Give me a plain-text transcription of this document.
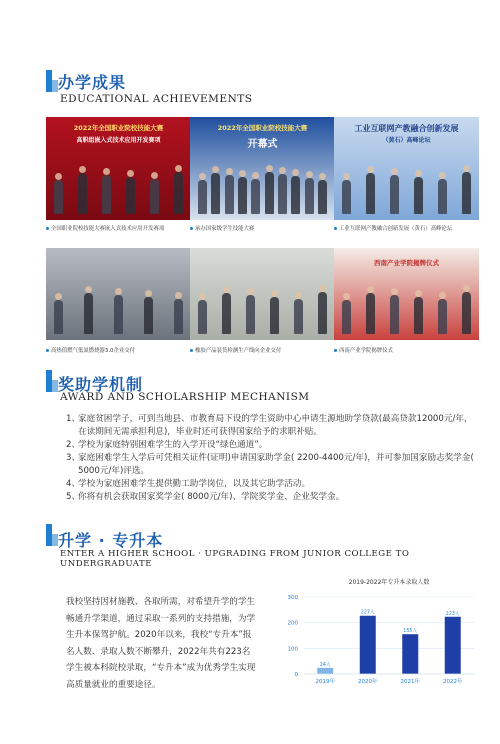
办学成果
EDUCATIONAL ACHIEVEMENTS
2022年全国职业院校技能大赛
高职组嵌入式技术应用开发赛项
全国职业院校技能大赛嵌入式技术应用开发赛项
2022年全国职业院校技能大赛
开幕式
承办国家级学生技能大赛
工业互联网产教融合创新发展
（黄石）高峰论坛
工业互联网产教融合创新发展（黄石）高峰论坛
高热值燃气低氮燃烧器3.0企业交付	橡胶产品装货检测生产线向企业交付
西南产业学院揭牌仪式
西南产业学院揭牌仪式
奖助学机制
AWARD AND SCHOLARSHIP MECHANISM
1、
家庭贫困学子，可到当地县、市教育局下设的学生资助中心申请生源地助学贷款(最高贷款12000元/年，在读期间无需承担利息)，毕业时还可获得国家给予的求职补贴。
2、
学校为家庭特别困难学生的入学开设“绿色通道”。
3、
家庭困难学生入学后可凭相关证件(证明)申请国家助学金( 2200-4400元/年)，并可参加国家励志奖学金( 5000元/年)评选。
4、
学校为家庭困难学生提供勤工助学岗位，以及其它助学活动。
5、
你将有机会获取国家奖学金( 8000元/年)、学院奖学金、企业奖学金。
升学 · 专升本
ENTER A HIGHER SCHOOL · UPGRADING FROM JUNIOR COLLEGE TO UNDERGRADUATE
我校坚持因材施教、各取所需，对希望升学的学生畅通升学渠道，通过采取一系列的支持措施，为学生升本保驾护航。2020年以来，我校“专升本”报名人数、录取人数不断攀升，2022年共有223名学生被本科院校录取，“专升本”成为优秀学生实现高质量就业的重要途径。
2019-2022年专升本录取人数
0
100
200
300
24人
2019年
227人
2020年
155人
2021年
223人
2022年
